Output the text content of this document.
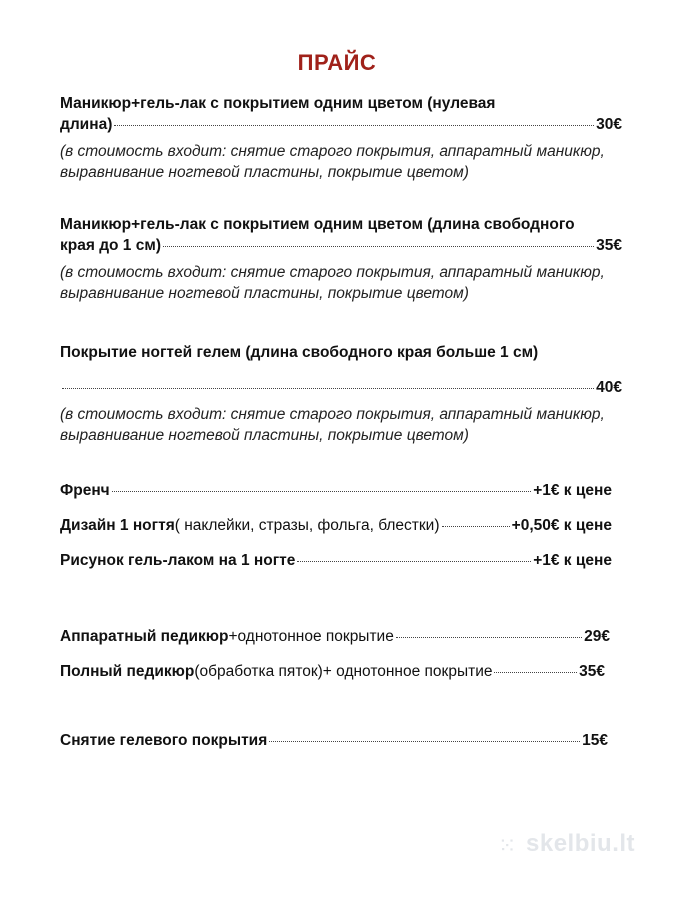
ПРАЙС
Маникюр+гель-лак с покрытием одним цветом (нулевая
длина)	30€
(в стоимость входит: снятие старого покрытия, аппаратный маникюр,
выравнивание ногтевой пластины, покрытие цветом)
Маникюр+гель-лак с покрытием одним цветом (длина свободного
края до 1 см)	35€
(в стоимость входит: снятие старого покрытия, аппаратный маникюр,
выравнивание ногтевой пластины, покрытие цветом)
Покрытие ногтей гелем (длина свободного края больше 1 см)
40€
(в стоимость входит: снятие старого покрытия, аппаратный маникюр,
выравнивание ногтевой пластины, покрытие цветом)
Френч	+1€ к цене
Дизайн 1 ногтя ( наклейки, стразы, фольга, блестки)	+0,50€ к цене
Рисунок гель-лаком на 1 ногте	+1€ к цене
Аппаратный педикюр +однотонное покрытие	29€
Полный педикюр (обработка пяток)+ однотонное покрытие	35€
Снятие гелевого покрытия	15€
⁙ skelbiu.lt
